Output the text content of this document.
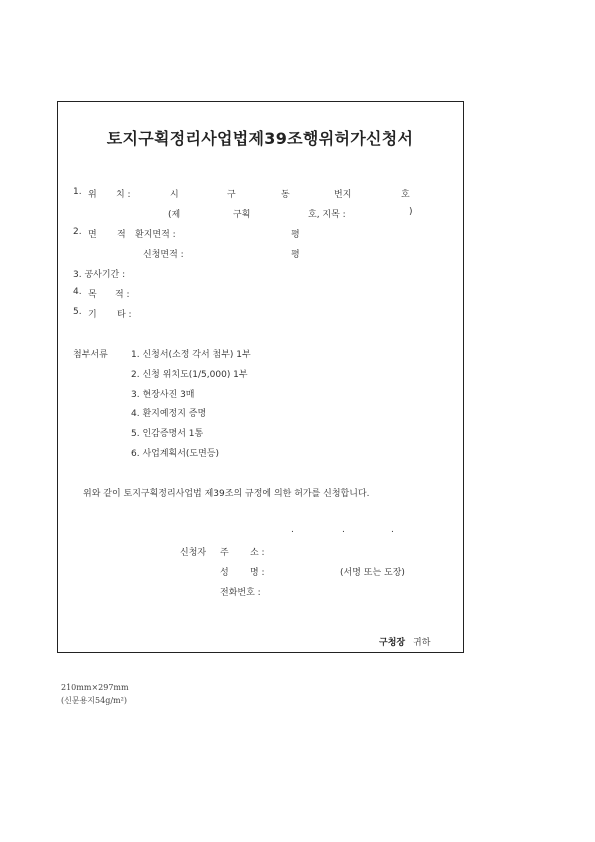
토지구획정리사업법제39조행위허가신청서
1. 위 치 :	시	구	동	번지	호
(제	구획	호, 지목 :	)
2. 면 적 환지면적 :	평
신청면적 :	평
3. 공사기간 :
4. 목 적 :
5. 기 타 :
첨부서류	1. 신청서(소정 각서 첨부) 1부
2. 신청 위치도(1/5,000) 1부
3. 현장사진 3매
4. 환지예정지 증명
5. 인감증명서 1통
6. 사업계획서(도면등)
위와 같이 토지구획정리사업법 제39조의 규정에 의한 허가를 신청합니다.
.	.	.
신청자 주 소 :
성 명 :	(서명 또는 도장)
전화번호 :
구청장 귀하
210mm×297mm
(신문용지54g/m²)
